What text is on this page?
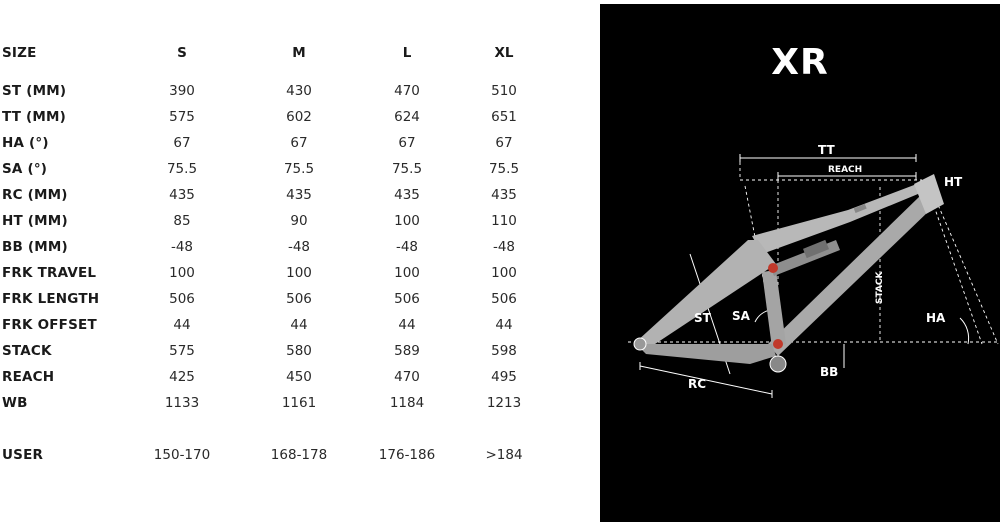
SIZE	S	M	L	XL
ST (MM)	390	430	470	510
TT (MM)	575	602	624	651
HA (°)	67	67	67	67
SA (°)	75.5	75.5	75.5	75.5
RC (MM)	435	435	435	435
HT (MM)	85	90	100	110
BB (MM)	-48	-48	-48	-48
FRK TRAVEL	100	100	100	100
FRK LENGTH	506	506	506	506
FRK OFFSET	44	44	44	44
STACK	575	580	589	598
REACH	425	450	470	495
WB	1133	1161	1184	1213
USER	150-170	168-178	176-186	>184
XR
TT
REACH
HT
STACK
ST SA	HA
RC
BB
